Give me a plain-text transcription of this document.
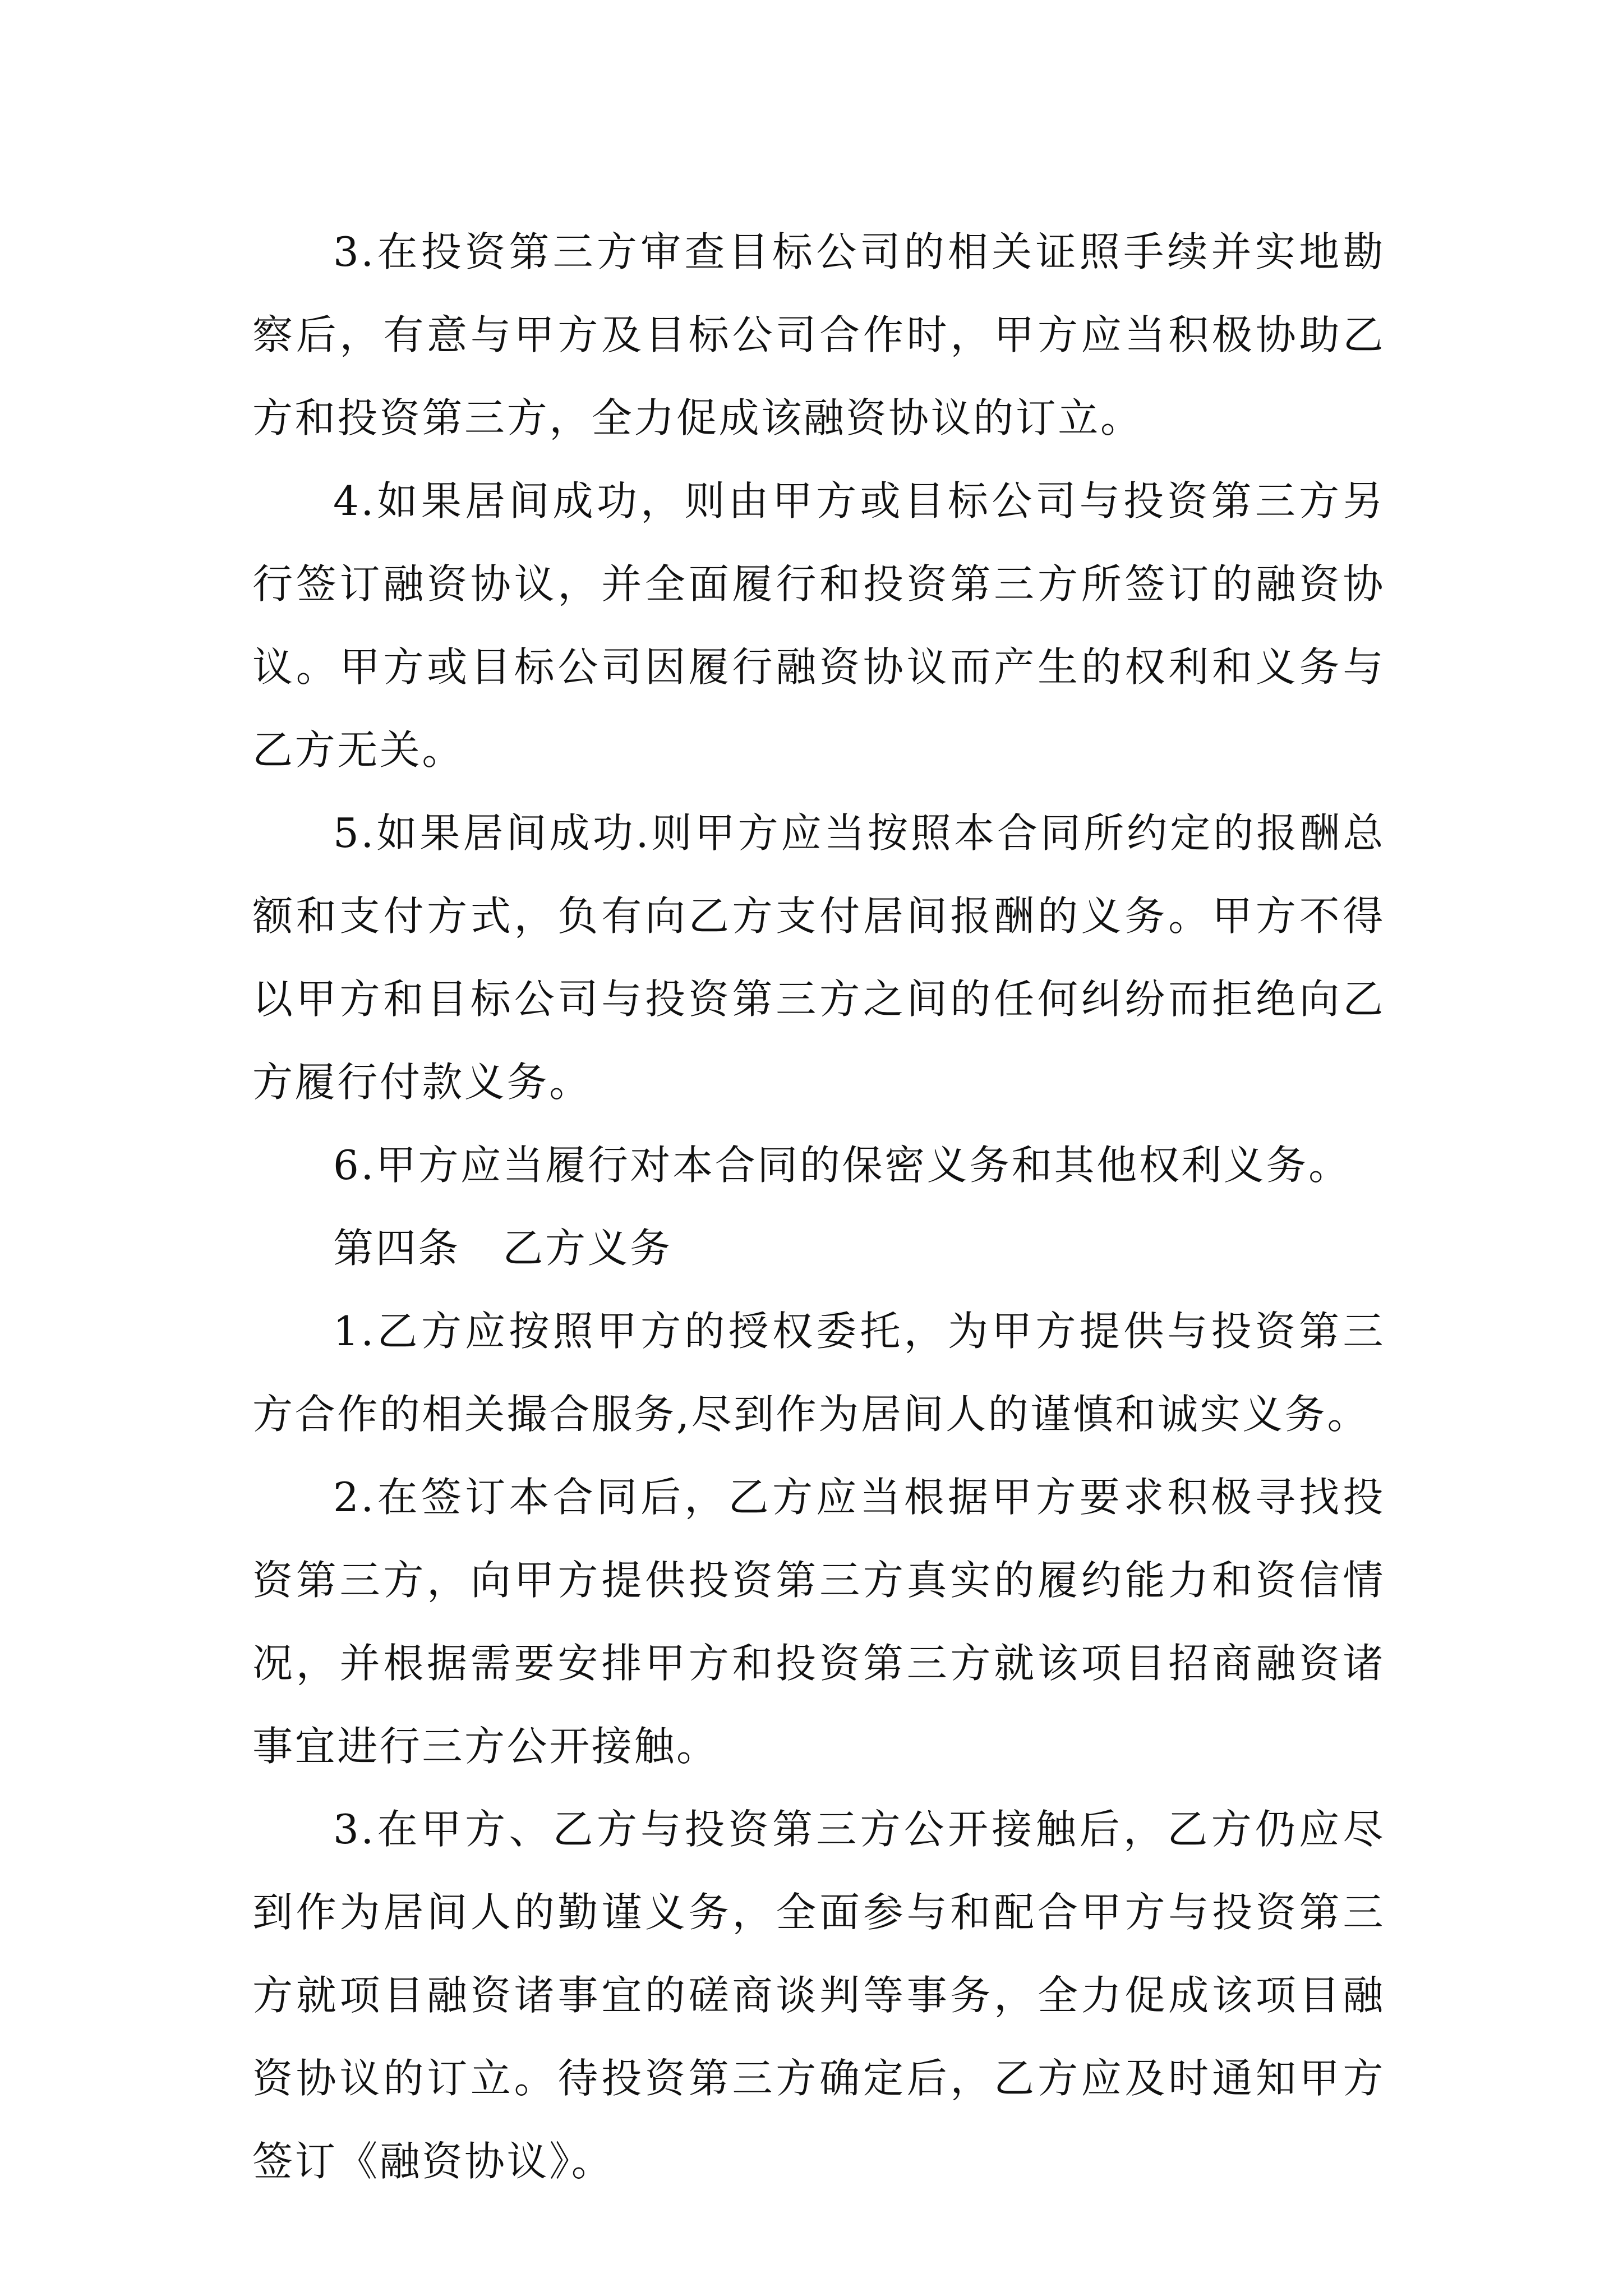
3.在投资第三方审查目标公司的相关证照手续并实地勘察后，有意与甲方及目标公司合作时，甲方应当积极协助乙方和投资第三方，全力促成该融资协议的订立。

4.如果居间成功，则由甲方或目标公司与投资第三方另行签订融资协议，并全面履行和投资第三方所签订的融资协议。甲方或目标公司因履行融资协议而产生的权利和义务与乙方无关。

5.如果居间成功.则甲方应当按照本合同所约定的报酬总额和支付方式，负有向乙方支付居间报酬的义务。甲方不得以甲方和目标公司与投资第三方之间的任何纠纷而拒绝向乙方履行付款义务。

6.甲方应当履行对本合同的保密义务和其他权利义务。

第四条　乙方义务

1.乙方应按照甲方的授权委托，为甲方提供与投资第三方合作的相关撮合服务,尽到作为居间人的谨慎和诚实义务。

2.在签订本合同后，乙方应当根据甲方要求积极寻找投资第三方，向甲方提供投资第三方真实的履约能力和资信情况，并根据需要安排甲方和投资第三方就该项目招商融资诸事宜进行三方公开接触。

3.在甲方、乙方与投资第三方公开接触后，乙方仍应尽到作为居间人的勤谨义务，全面参与和配合甲方与投资第三方就项目融资诸事宜的磋商谈判等事务，全力促成该项目融资协议的订立。待投资第三方确定后，乙方应及时通知甲方签订《融资协议》。
